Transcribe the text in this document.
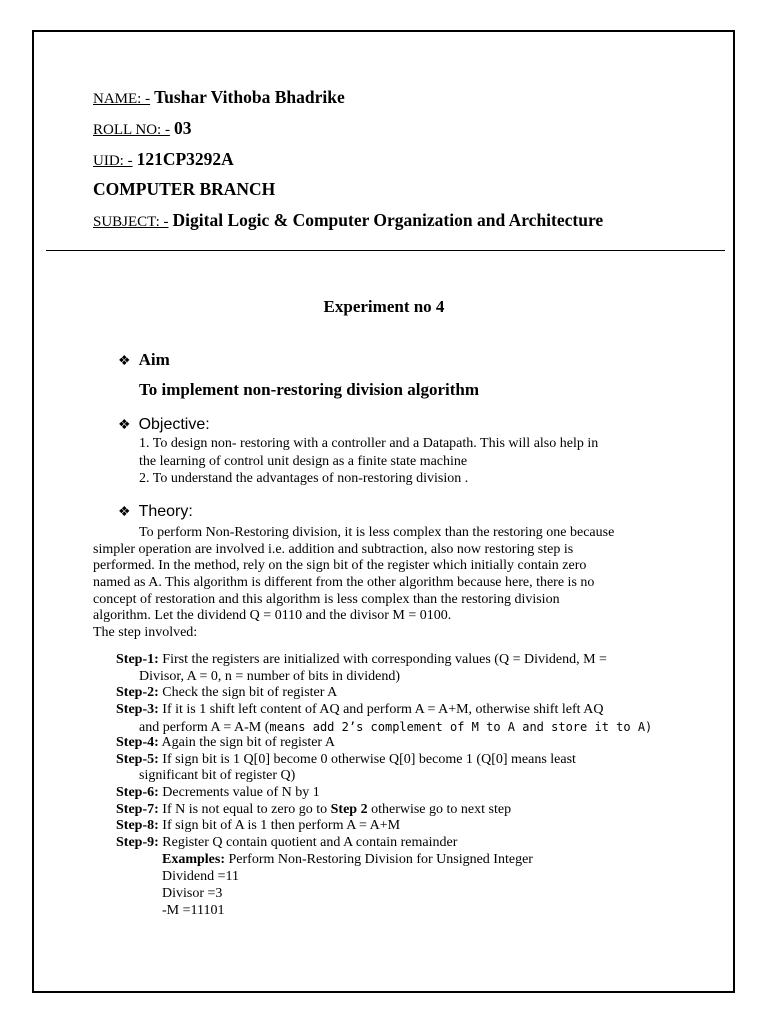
NAME: - Tushar Vithoba Bhadrike
ROLL NO: - 03
UID: - 121CP3292A
COMPUTER BRANCH
SUBJECT: - Digital Logic & Computer Organization and Architecture
Experiment no 4
❖ Aim
To implement non-restoring division algorithm
❖ Objective:
1. To design non- restoring with a controller and a Datapath. This will also help in
the learning of control unit design as a finite state machine
2. To understand the advantages of non-restoring division .
❖ Theory:
To perform Non-Restoring division, it is less complex than the restoring one because
simpler operation are involved i.e. addition and subtraction, also now restoring step is
performed. In the method, rely on the sign bit of the register which initially contain zero
named as A. This algorithm is different from the other algorithm because here, there is no
concept of restoration and this algorithm is less complex than the restoring division
algorithm. Let the dividend Q = 0110 and the divisor M = 0100.
The step involved:
Step-1: First the registers are initialized with corresponding values (Q = Dividend, M =
Divisor, A = 0, n = number of bits in dividend)
Step-2: Check the sign bit of register A
Step-3: If it is 1 shift left content of AQ and perform A = A+M, otherwise shift left AQ
and perform A = A-M (means add 2’s complement of M to A and store it to A)
Step-4: Again the sign bit of register A
Step-5: If sign bit is 1 Q[0] become 0 otherwise Q[0] become 1 (Q[0] means least
significant bit of register Q)
Step-6: Decrements value of N by 1
Step-7: If N is not equal to zero go to Step 2 otherwise go to next step
Step-8: If sign bit of A is 1 then perform A = A+M
Step-9: Register Q contain quotient and A contain remainder
Examples: Perform Non-Restoring Division for Unsigned Integer
Dividend =11
Divisor =3
-M =11101
